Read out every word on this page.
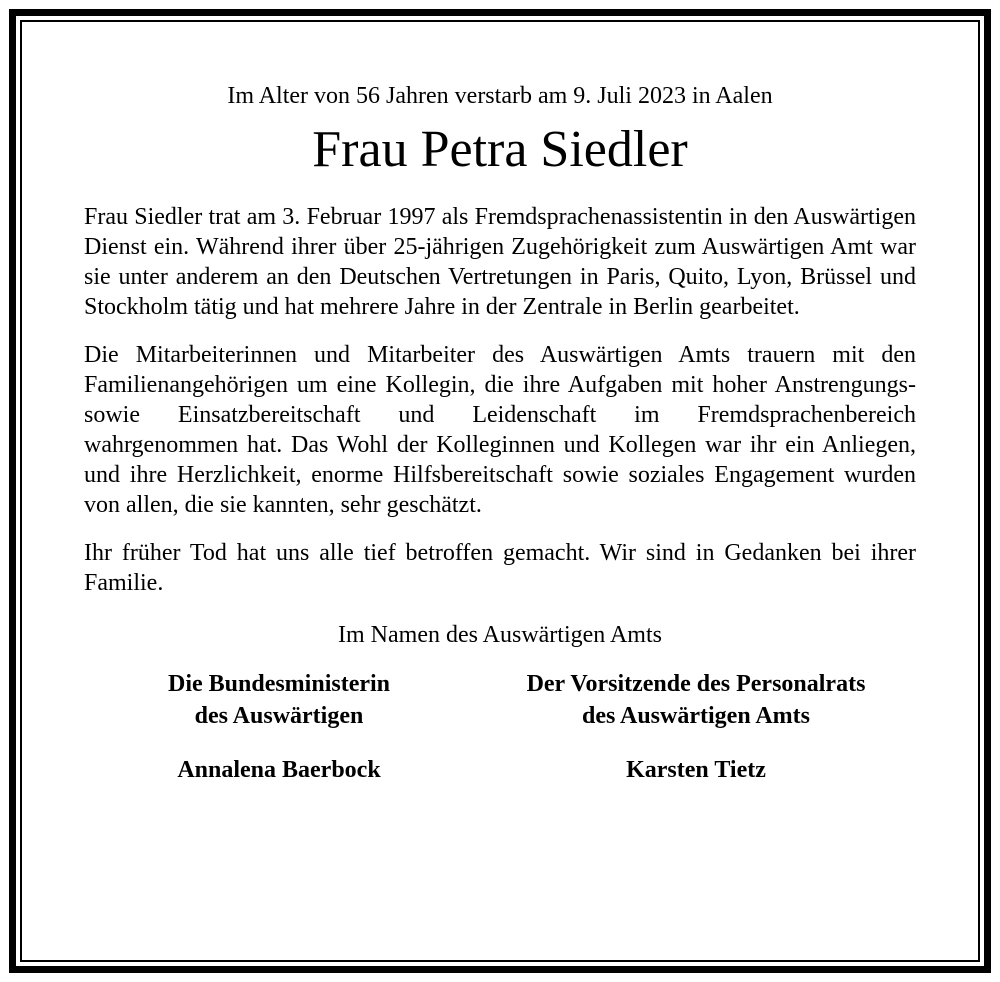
Im Alter von 56 Jahren verstarb am 9. Juli 2023 in Aalen

Frau Petra Siedler

Frau Siedler trat am 3. Februar 1997 als Fremdsprachenassistentin in den Auswärtigen Dienst ein. Während ihrer über 25-jährigen Zugehörigkeit zum Auswärtigen Amt war sie unter anderem an den Deutschen Vertretungen in Paris, Quito, Lyon, Brüssel und Stockholm tätig und hat mehrere Jahre in der Zentrale in Berlin gearbeitet.

Die Mitarbeiterinnen und Mitarbeiter des Auswärtigen Amts trauern mit den Familienangehörigen um eine Kollegin, die ihre Aufgaben mit hoher Anstrengungs- sowie Einsatzbereitschaft und Leidenschaft im Fremdsprachenbereich wahrgenommen hat. Das Wohl der Kolleginnen und Kollegen war ihr ein Anliegen, und ihre Herzlichkeit, enorme Hilfsbereitschaft sowie soziales Engagement wurden von allen, die sie kannten, sehr geschätzt.

Ihr früher Tod hat uns alle tief betroffen gemacht. Wir sind in Gedanken bei ihrer Familie.

Im Namen des Auswärtigen Amts

Die Bundesministerin
des Auswärtigen
Annalena Baerbock
Der Vorsitzende des Personalrats
des Auswärtigen Amts
Karsten Tietz
